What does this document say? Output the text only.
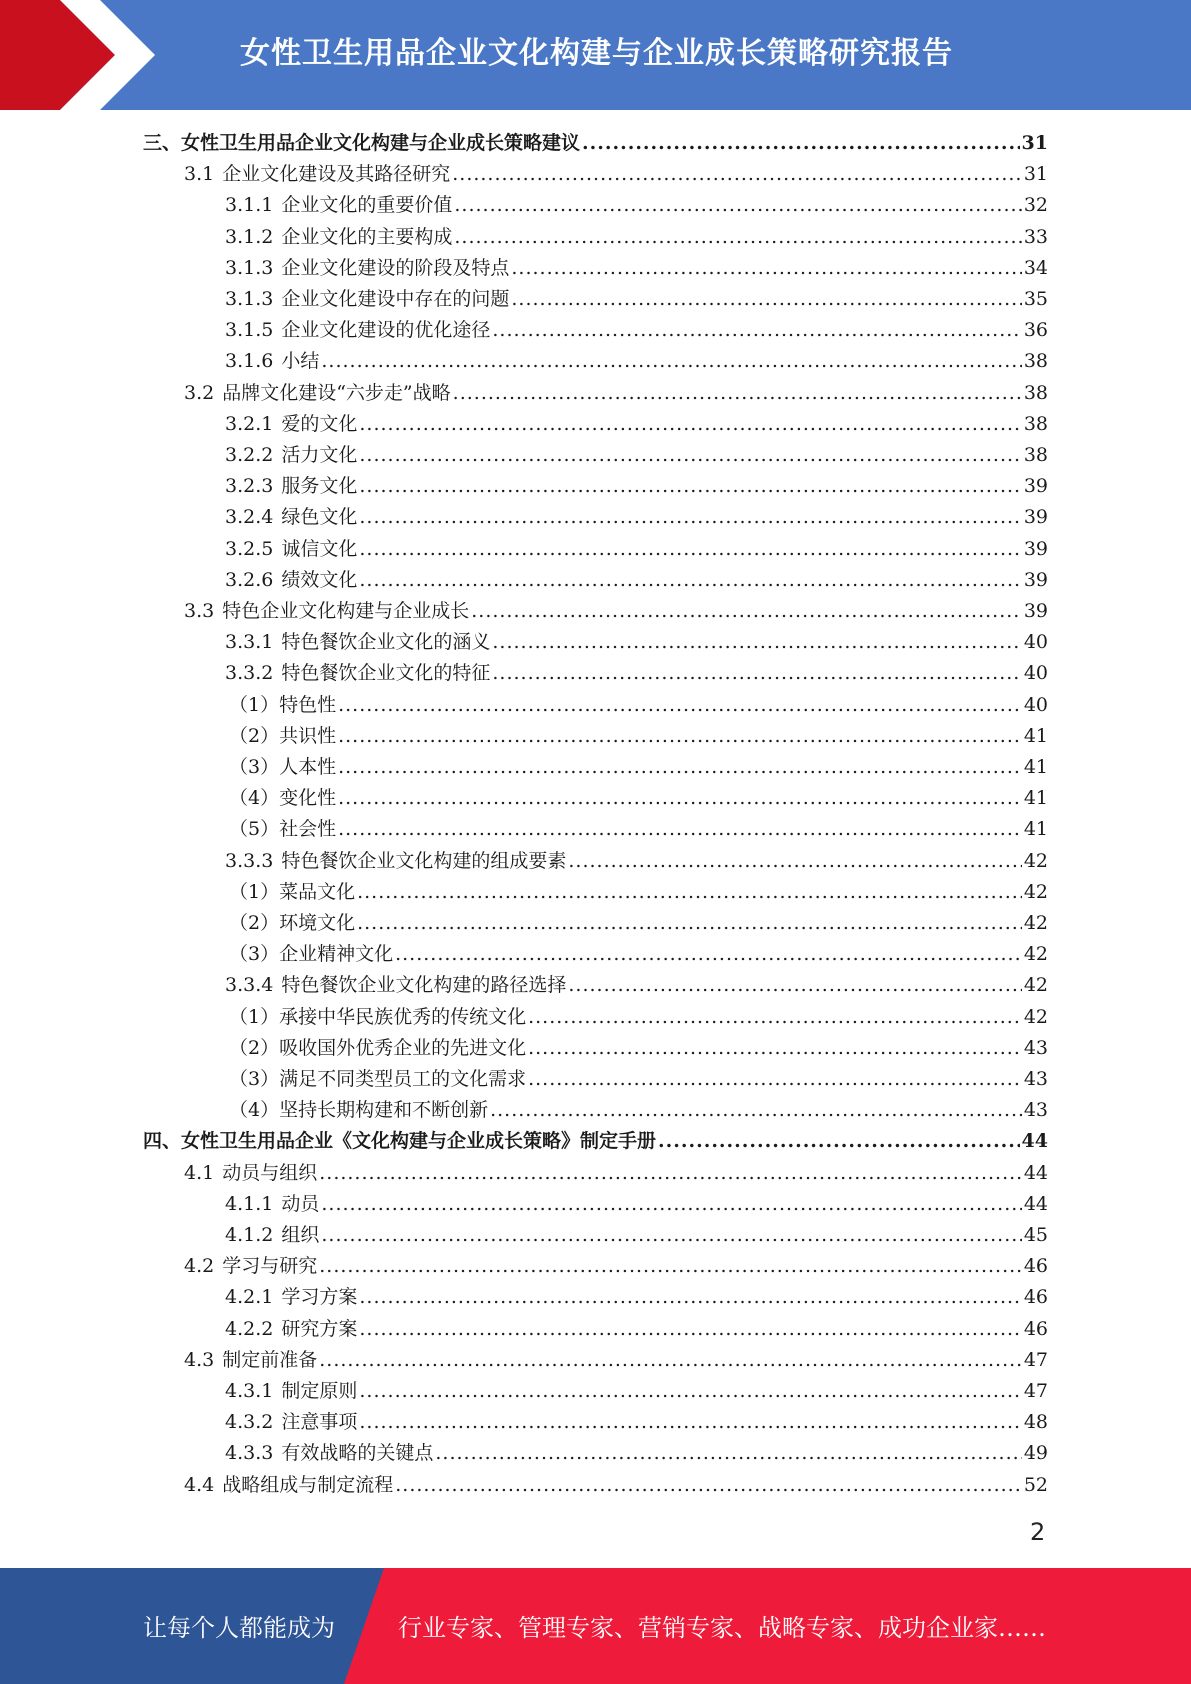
女性卫生用品企业文化构建与企业成长策略研究报告
三、女性卫生用品企业文化构建与企业成长策略建议 .....	31
3.1 企业文化建设及其路径研究 .....	31
3.1.1 企业文化的重要价值 .....	32
3.1.2 企业文化的主要构成 .....	33
3.1.3 企业文化建设的阶段及特点 .....	34
3.1.3 企业文化建设中存在的问题 .....	35
3.1.5 企业文化建设的优化途径 .....	36
3.1.6 小结 .....	38
3.2 品牌文化建设“六步走”战略 .....	38
3.2.1 爱的文化 .....	38
3.2.2 活力文化 .....	38
3.2.3 服务文化 .....	39
3.2.4 绿色文化 .....	39
3.2.5 诚信文化 .....	39
3.2.6 绩效文化 .....	39
3.3 特色企业文化构建与企业成长 .....	39
3.3.1 特色餐饮企业文化的涵义 .....	40
3.3.2 特色餐饮企业文化的特征 .....	40
（1）特色性 .....	40
（2）共识性 .....	41
（3）人本性 .....	41
（4）变化性 .....	41
（5）社会性 .....	41
3.3.3 特色餐饮企业文化构建的组成要素 .....	42
（1）菜品文化 .....	42
（2）环境文化 .....	42
（3）企业精神文化 .....	42
3.3.4 特色餐饮企业文化构建的路径选择 .....	42
（1）承接中华民族优秀的传统文化 .....	42
（2）吸收国外优秀企业的先进文化 .....	43
（3）满足不同类型员工的文化需求 .....	43
（4）坚持长期构建和不断创新 .....	43
四、女性卫生用品企业《文化构建与企业成长策略》制定手册 .....	44
4.1 动员与组织 .....	44
4.1.1 动员 .....	44
4.1.2 组织 .....	45
4.2 学习与研究 .....	46
4.2.1 学习方案 .....	46
4.2.2 研究方案 .....	46
4.3 制定前准备 .....	47
4.3.1 制定原则 .....	47
4.3.2 注意事项 .....	48
4.3.3 有效战略的关键点 .....	49
4.4 战略组成与制定流程 .....	52
2
让每个人都能成为	行业专家、管理专家、营销专家、战略专家、成功企业家……
